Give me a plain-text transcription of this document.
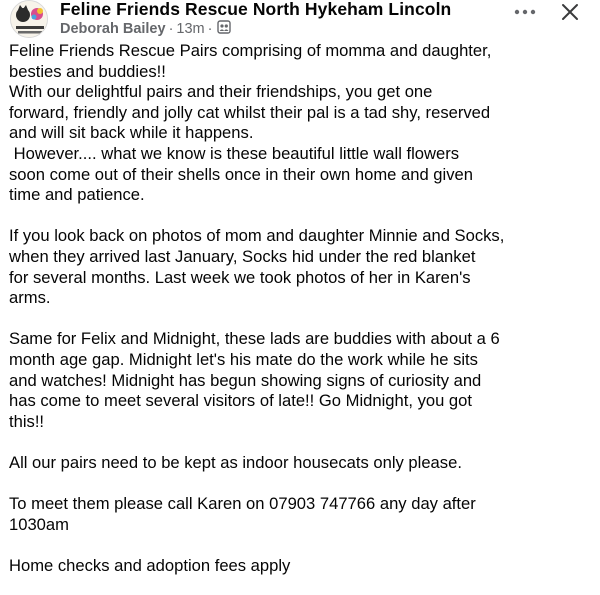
Feline Friends Rescue North Hykeham Lincoln
Deborah Bailey · 13m ·

Feline Friends Rescue Pairs comprising of momma and daughter,
besties and buddies!!
With our delightful pairs and their friendships, you get one
forward, friendly and jolly cat whilst their pal is a tad shy, reserved
and will sit back while it happens.
However.... what we know is these beautiful little wall flowers
soon come out of their shells once in their own home and given
time and patience.

If you look back on photos of mom and daughter Minnie and Socks,
when they arrived last January, Socks hid under the red blanket
for several months. Last week we took photos of her in Karen's
arms.

Same for Felix and Midnight, these lads are buddies with about a 6
month age gap. Midnight let's his mate do the work while he sits
and watches! Midnight has begun showing signs of curiosity and
has come to meet several visitors of late!! Go Midnight, you got
this!!

All our pairs need to be kept as indoor housecats only please.

To meet them please call Karen on 07903 747766 any day after
1030am

Home checks and adoption fees apply
